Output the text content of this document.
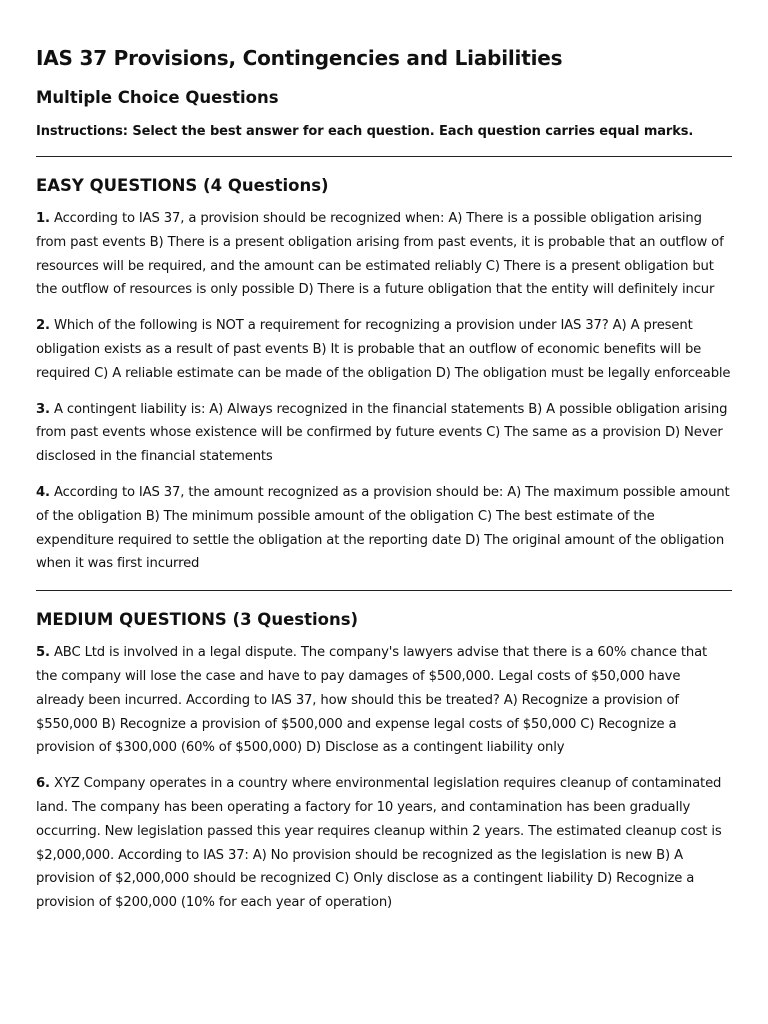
IAS 37 Provisions, Contingencies and Liabilities
Multiple Choice Questions

Instructions: Select the best answer for each question. Each question carries equal marks.

EASY QUESTIONS (4 Questions)

1. According to IAS 37, a provision should be recognized when: A) There is a possible obligation arising from past events B) There is a present obligation arising from past events, it is probable that an outflow of resources will be required, and the amount can be estimated reliably C) There is a present obligation but the outflow of resources is only possible D) There is a future obligation that the entity will definitely incur

2. Which of the following is NOT a requirement for recognizing a provision under IAS 37? A) A present obligation exists as a result of past events B) It is probable that an outflow of economic benefits will be required C) A reliable estimate can be made of the obligation D) The obligation must be legally enforceable

3. A contingent liability is: A) Always recognized in the financial statements B) A possible obligation arising from past events whose existence will be confirmed by future events C) The same as a provision D) Never disclosed in the financial statements

4. According to IAS 37, the amount recognized as a provision should be: A) The maximum possible amount of the obligation B) The minimum possible amount of the obligation C) The best estimate of the expenditure required to settle the obligation at the reporting date D) The original amount of the obligation when it was first incurred

MEDIUM QUESTIONS (3 Questions)

5. ABC Ltd is involved in a legal dispute. The company's lawyers advise that there is a 60% chance that the company will lose the case and have to pay damages of $500,000. Legal costs of $50,000 have already been incurred. According to IAS 37, how should this be treated? A) Recognize a provision of $550,000 B) Recognize a provision of $500,000 and expense legal costs of $50,000 C) Recognize a provision of $300,000 (60% of $500,000) D) Disclose as a contingent liability only

6. XYZ Company operates in a country where environmental legislation requires cleanup of contaminated land. The company has been operating a factory for 10 years, and contamination has been gradually occurring. New legislation passed this year requires cleanup within 2 years. The estimated cleanup cost is $2,000,000. According to IAS 37: A) No provision should be recognized as the legislation is new B) A provision of $2,000,000 should be recognized C) Only disclose as a contingent liability D) Recognize a provision of $200,000 (10% for each year of operation)
